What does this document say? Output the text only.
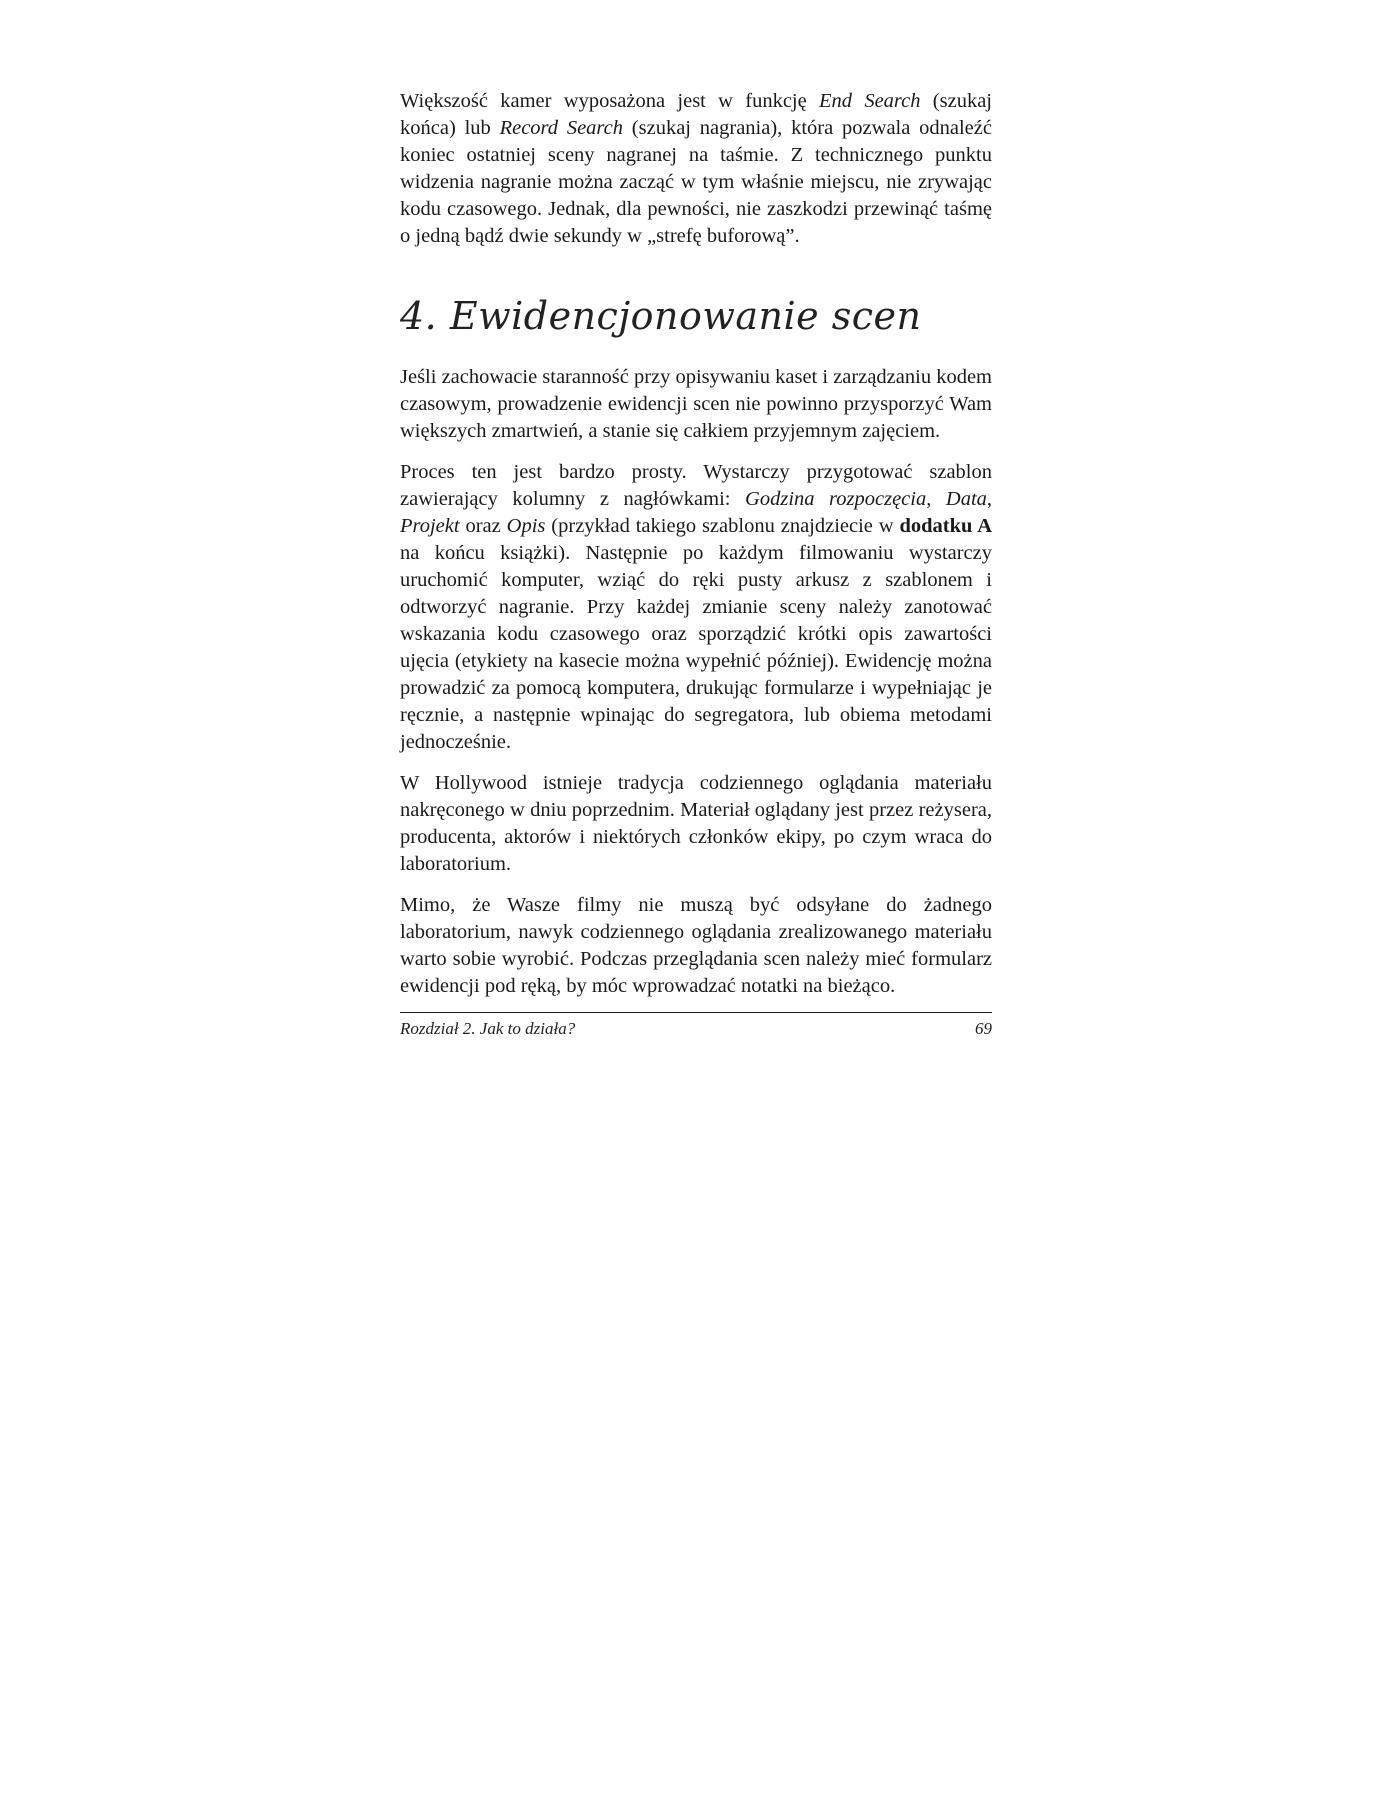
Większość kamer wyposażona jest w funkcję End Search (szukaj końca) lub Record Search (szukaj nagrania), która pozwala odnaleźć koniec ostatniej sceny nagranej na taśmie. Z technicznego punktu widzenia nagranie można zacząć w tym właśnie miejscu, nie zrywając kodu czasowego. Jednak, dla pewności, nie zaszkodzi przewinąć taśmę o jedną bądź dwie sekundy w „strefę buforową”.

4. Ewidencjonowanie scen

Jeśli zachowacie staranność przy opisywaniu kaset i zarządzaniu kodem czasowym, prowadzenie ewidencji scen nie powinno przysporzyć Wam większych zmartwień, a stanie się całkiem przyjemnym zajęciem.

Proces ten jest bardzo prosty. Wystarczy przygotować szablon zawierający kolumny z nagłówkami: Godzina rozpoczęcia, Data, Projekt oraz Opis (przykład takiego szablonu znajdziecie w dodatku A na końcu książki). Następnie po każdym filmowaniu wystarczy uruchomić komputer, wziąć do ręki pusty arkusz z szablonem i odtworzyć nagranie. Przy każdej zmianie sceny należy zanotować wskazania kodu czasowego oraz sporządzić krótki opis zawartości ujęcia (etykiety na kasecie można wypełnić później). Ewidencję można prowadzić za pomocą komputera, drukując formularze i wypełniając je ręcznie, a następnie wpinając do segregatora, lub obiema metodami jednocześnie.

W Hollywood istnieje tradycja codziennego oglądania materiału nakręconego w dniu poprzednim. Materiał oglądany jest przez reżysera, producenta, aktorów i niektórych członków ekipy, po czym wraca do laboratorium.

Mimo, że Wasze filmy nie muszą być odsyłane do żadnego laboratorium, nawyk codziennego oglądania zrealizowanego materiału warto sobie wyrobić. Podczas przeglądania scen należy mieć formularz ewidencji pod ręką, by móc wprowadzać notatki na bieżąco.

Rozdział 2. Jak to działa?	69
